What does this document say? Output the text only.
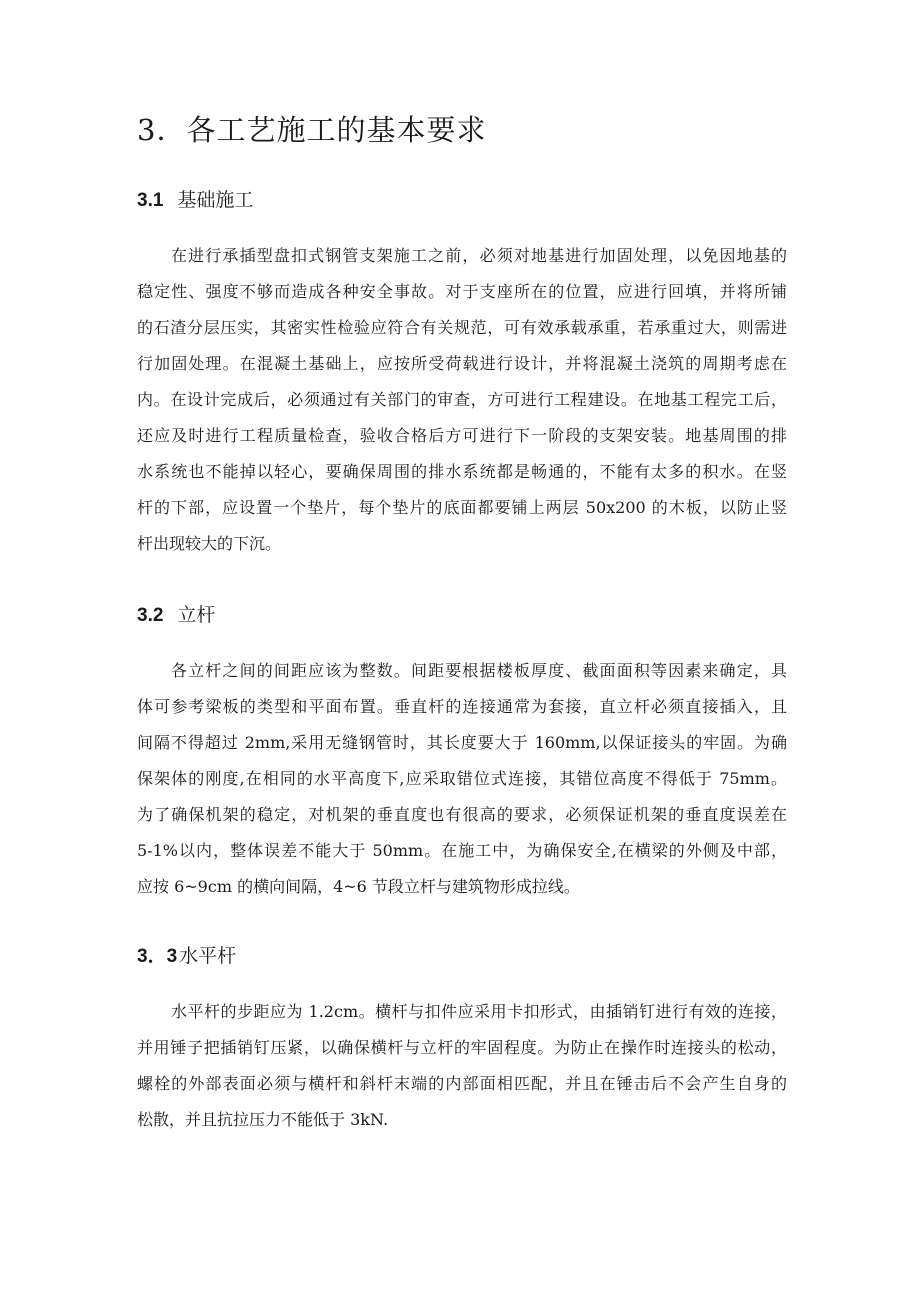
3．各工艺施工的基本要求
3.1 基础施工
在进行承插型盘扣式钢管支架施工之前，必须对地基进行加固处理，以免因地基的
稳定性、强度不够而造成各种安全事故。对于支座所在的位置，应进行回填，并将所铺
的石渣分层压实，其密实性检验应符合有关规范，可有效承载承重，若承重过大，则需进
行加固处理。在混凝土基础上，应按所受荷载进行设计，并将混凝土浇筑的周期考虑在
内。在设计完成后，必须通过有关部门的审查，方可进行工程建设。在地基工程完工后，
还应及时进行工程质量检查，验收合格后方可进行下一阶段的支架安装。地基周围的排
水系统也不能掉以轻心，要确保周围的排水系统都是畅通的，不能有太多的积水。在竖
杆的下部，应设置一个垫片，每个垫片的底面都要铺上两层 50x200 的木板，以防止竖
杆出现较大的下沉。
3.2 立杆
各立杆之间的间距应该为整数。间距要根据楼板厚度、截面面积等因素来确定，具
体可参考梁板的类型和平面布置。垂直杆的连接通常为套接，直立杆必须直接插入，且
间隔不得超过 2mm,采用无缝钢管时，其长度要大于 160mm,以保证接头的牢固。为确
保架体的刚度,在相同的水平高度下,应采取错位式连接，其错位高度不得低于 75mm。
为了确保机架的稳定，对机架的垂直度也有很高的要求，必须保证机架的垂直度误差在
5-1%以内，整体误差不能大于 50mm。在施工中，为确保安全,在横梁的外侧及中部，
应按 6~9cm 的横向间隔，4~6 节段立杆与建筑物形成拉线。
3．3 水平杆
水平杆的步距应为 1.2cm。横杆与扣件应采用卡扣形式，由插销钉进行有效的连接，
并用锤子把插销钉压紧，以确保横杆与立杆的牢固程度。为防止在操作时连接头的松动，
螺栓的外部表面必须与横杆和斜杆末端的内部面相匹配，并且在锤击后不会产生自身的
松散，并且抗拉压力不能低于 3kN.
